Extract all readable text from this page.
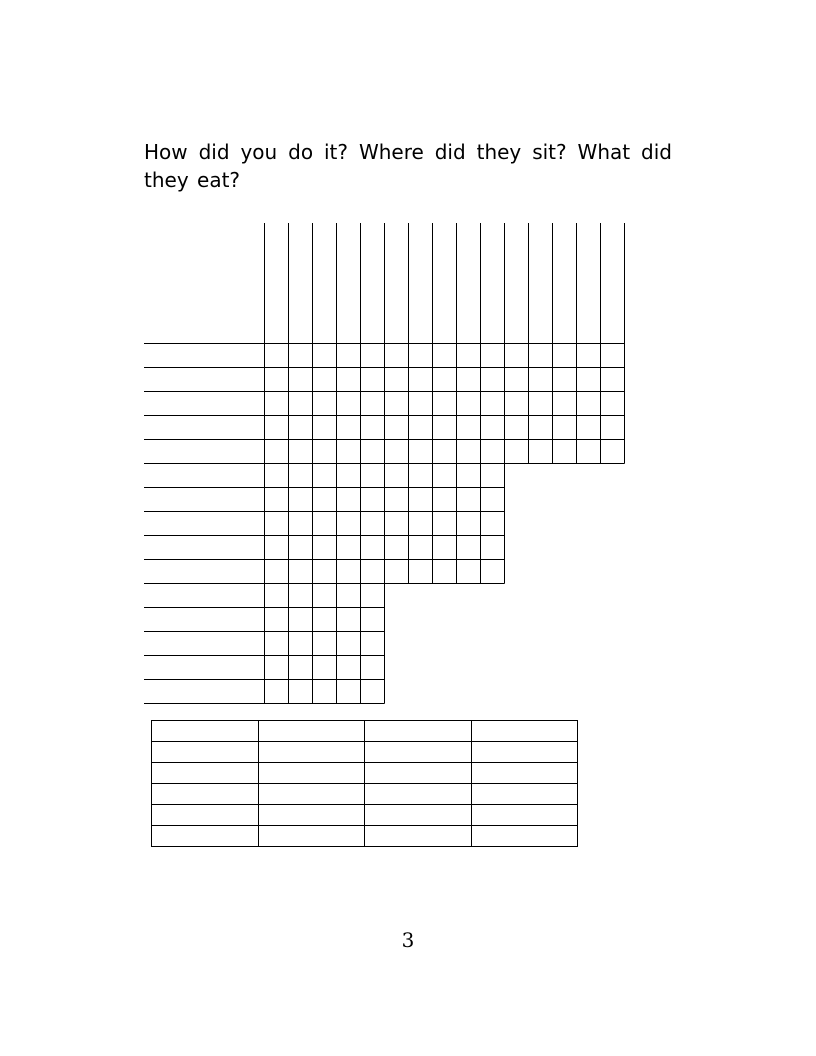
How did you do it? Where did they sit? What did they eat?

3
